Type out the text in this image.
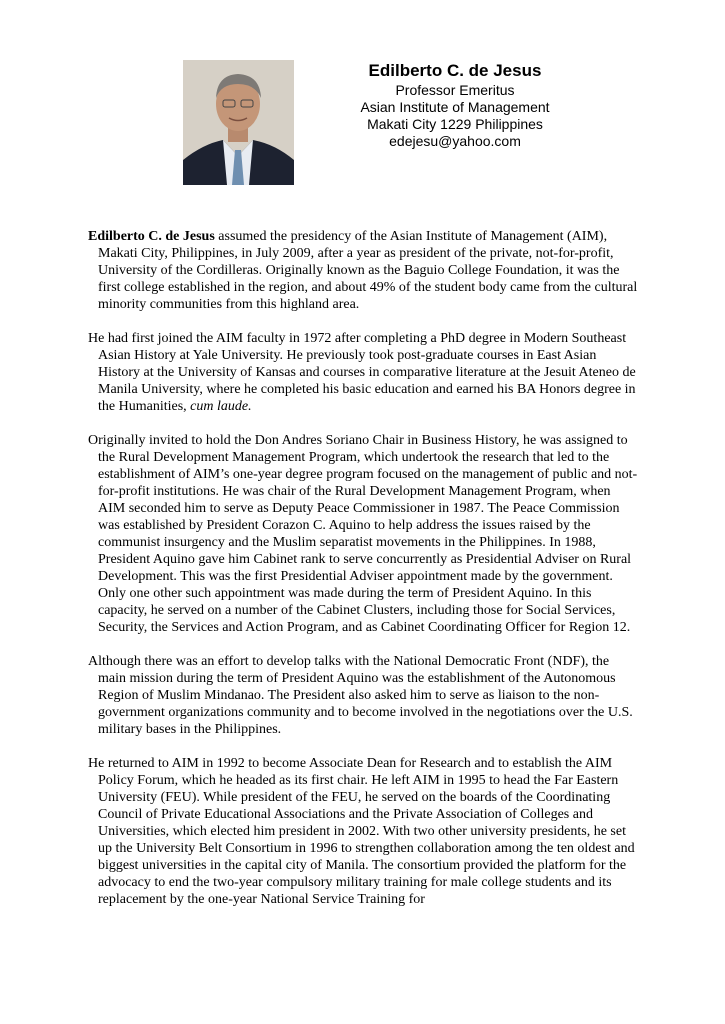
Edilberto C. de Jesus
Professor Emeritus
Asian Institute of Management
Makati City 1229 Philippines
edejesu@yahoo.com

Edilberto C. de Jesus assumed the presidency of the Asian Institute of Management (AIM), Makati City, Philippines, in July 2009, after a year as president of the private, not-for-profit, University of the Cordilleras. Originally known as the Baguio College Foundation, it was the first college established in the region, and about 49% of the student body came from the cultural minority communities from this highland area.

He had first joined the AIM faculty in 1972 after completing a PhD degree in Modern Southeast Asian History at Yale University. He previously took post-graduate courses in East Asian History at the University of Kansas and courses in comparative literature at the Jesuit Ateneo de Manila University, where he completed his basic education and earned his BA Honors degree in the Humanities, cum laude.

Originally invited to hold the Don Andres Soriano Chair in Business History, he was assigned to the Rural Development Management Program, which undertook the research that led to the establishment of AIM’s one-year degree program focused on the management of public and not-for-profit institutions. He was chair of the Rural Development Management Program, when AIM seconded him to serve as Deputy Peace Commissioner in 1987. The Peace Commission was established by President Corazon C. Aquino to help address the issues raised by the communist insurgency and the Muslim separatist movements in the Philippines. In 1988, President Aquino gave him Cabinet rank to serve concurrently as Presidential Adviser on Rural Development. This was the first Presidential Adviser appointment made by the government. Only one other such appointment was made during the term of President Aquino. In this capacity, he served on a number of the Cabinet Clusters, including those for Social Services, Security, the Services and Action Program, and as Cabinet Coordinating Officer for Region 12.

Although there was an effort to develop talks with the National Democratic Front (NDF), the main mission during the term of President Aquino was the establishment of the Autonomous Region of Muslim Mindanao. The President also asked him to serve as liaison to the non-government organizations community and to become involved in the negotiations over the U.S. military bases in the Philippines.

He returned to AIM in 1992 to become Associate Dean for Research and to establish the AIM Policy Forum, which he headed as its first chair. He left AIM in 1995 to head the Far Eastern University (FEU). While president of the FEU, he served on the boards of the Coordinating Council of Private Educational Associations and the Private Association of Colleges and Universities, which elected him president in 2002. With two other university presidents, he set up the University Belt Consortium in 1996 to strengthen collaboration among the ten oldest and biggest universities in the capital city of Manila. The consortium provided the platform for the advocacy to end the two-year compulsory military training for male college students and its replacement by the one-year National Service Training for
